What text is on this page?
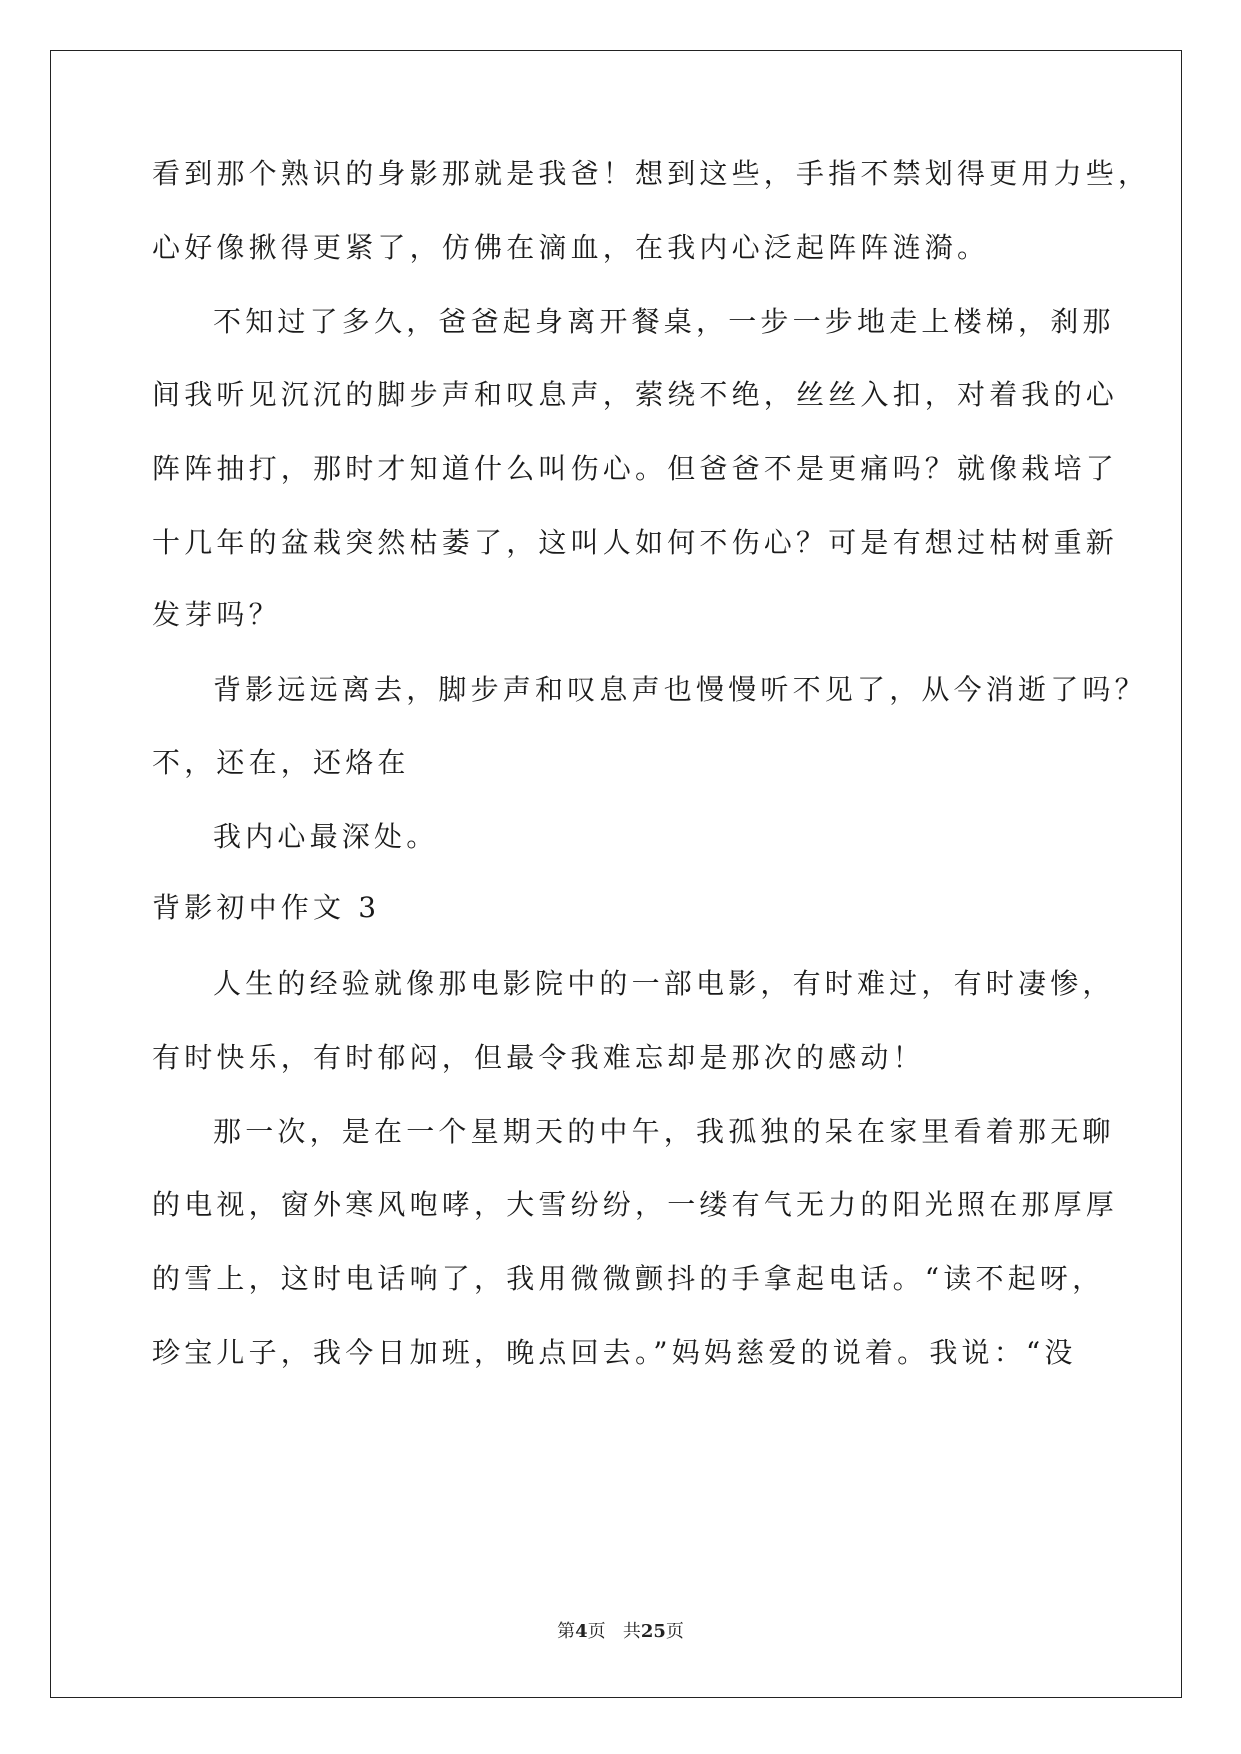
看到那个熟识的身影那就是我爸！想到这些，手指不禁划得更用力些，
心好像揪得更紧了，仿佛在滴血，在我内心泛起阵阵涟漪。
不知过了多久，爸爸起身离开餐桌，一步一步地走上楼梯，刹那
间我听见沉沉的脚步声和叹息声，萦绕不绝，丝丝入扣，对着我的心
阵阵抽打，那时才知道什么叫伤心。但爸爸不是更痛吗？就像栽培了
十几年的盆栽突然枯萎了，这叫人如何不伤心？可是有想过枯树重新
发芽吗？
背影远远离去，脚步声和叹息声也慢慢听不见了，从今消逝了吗？
不，还在，还烙在
我内心最深处。
背影初中作文 3
人生的经验就像那电影院中的一部电影，有时难过，有时凄惨，
有时快乐，有时郁闷，但最令我难忘却是那次的感动！
那一次，是在一个星期天的中午，我孤独的呆在家里看着那无聊
的电视，窗外寒风咆哮，大雪纷纷，一缕有气无力的阳光照在那厚厚
的雪上，这时电话响了，我用微微颤抖的手拿起电话。“读不起呀，
珍宝儿子，我今日加班，晚点回去。”妈妈慈爱的说着。我说：“没
第4页 共25页
